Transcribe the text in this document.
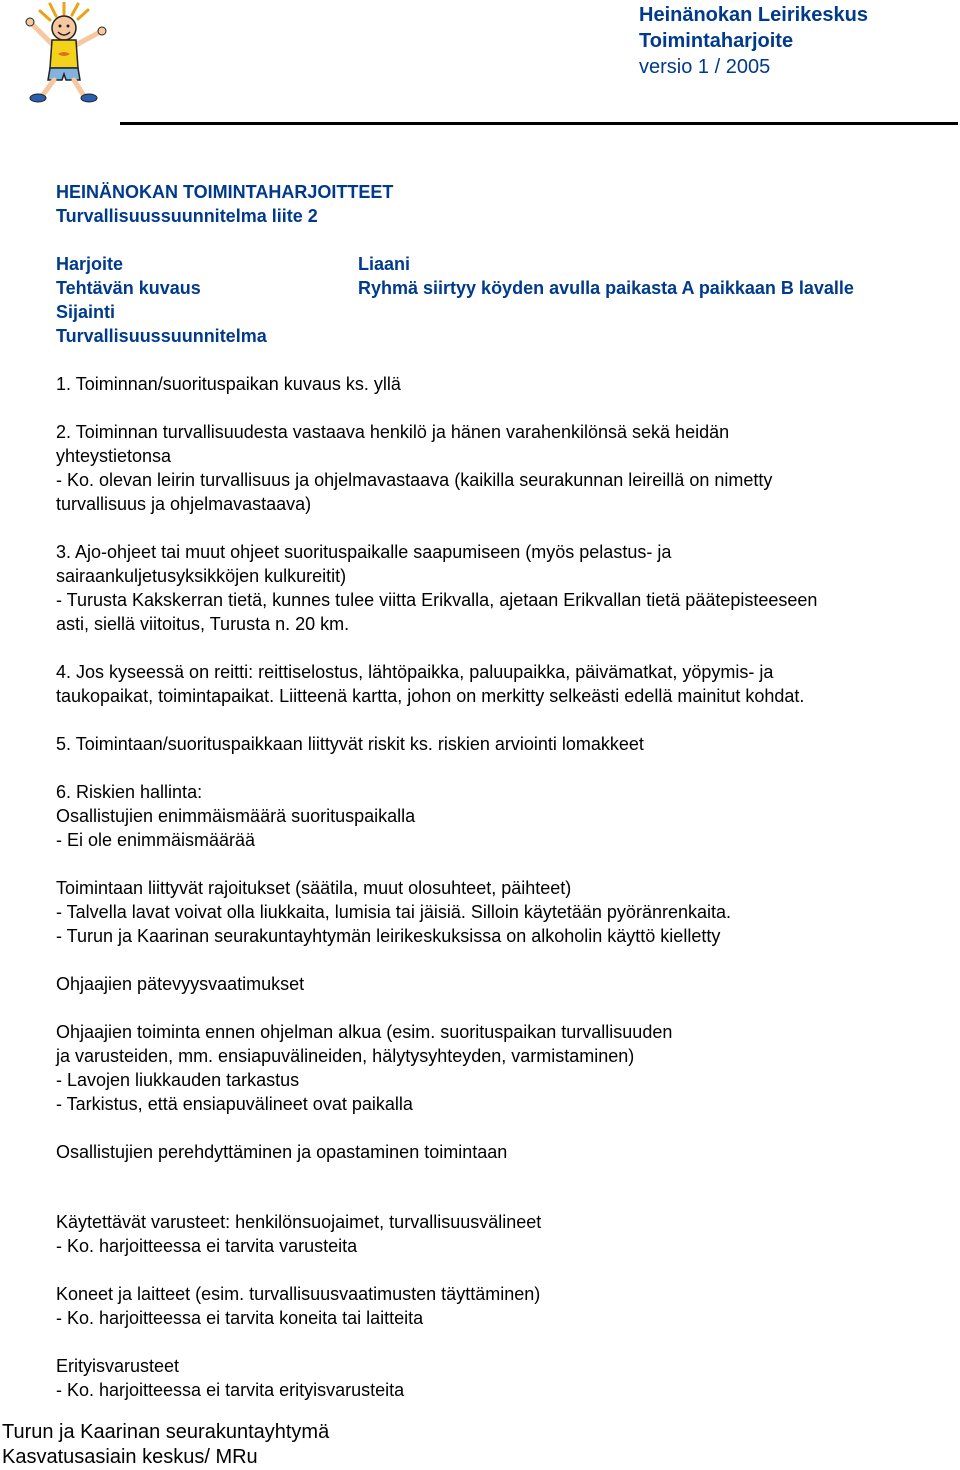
Heinänokan Leirikeskus
Toimintaharjoite
versio 1 / 2005

HEINÄNOKAN TOIMINTAHARJOITTEET

Turvallisuussuunnitelma liite 2

Harjoite	Liaani
Tehtävän kuvaus	Ryhmä siirtyy köyden avulla paikasta A paikkaan B lavalle
Sijainti
Turvallisuussuunnitelma

1. Toiminnan/suorituspaikan kuvaus ks. yllä

2. Toiminnan turvallisuudesta vastaava henkilö ja hänen varahenkilönsä sekä heidän

yhteystietonsa

- Ko. olevan leirin turvallisuus ja ohjelmavastaava (kaikilla seurakunnan leireillä on nimetty

turvallisuus ja ohjelmavastaava)

3. Ajo-ohjeet tai muut ohjeet suorituspaikalle saapumiseen (myös pelastus- ja

sairaankuljetusyksikköjen kulkureitit)

- Turusta Kakskerran tietä, kunnes tulee viitta Erikvalla, ajetaan Erikvallan tietä päätepisteeseen

asti, siellä viitoitus, Turusta n. 20 km.

4. Jos kyseessä on reitti: reittiselostus, lähtöpaikka, paluupaikka, päivämatkat, yöpymis- ja

taukopaikat, toimintapaikat. Liitteenä kartta, johon on merkitty selkeästi edellä mainitut kohdat.

5. Toimintaan/suorituspaikkaan liittyvät riskit ks. riskien arviointi lomakkeet

6. Riskien hallinta:

Osallistujien enimmäismäärä suorituspaikalla

- Ei ole enimmäismäärää

Toimintaan liittyvät rajoitukset (säätila, muut olosuhteet, päihteet)

- Talvella lavat voivat olla liukkaita, lumisia tai jäisiä. Silloin käytetään pyöränrenkaita.

- Turun ja Kaarinan seurakuntayhtymän leirikeskuksissa on alkoholin käyttö kielletty

Ohjaajien pätevyysvaatimukset

Ohjaajien toiminta ennen ohjelman alkua (esim. suorituspaikan turvallisuuden

ja varusteiden, mm. ensiapuvälineiden, hälytysyhteyden, varmistaminen)

- Lavojen liukkauden tarkastus

- Tarkistus, että ensiapuvälineet ovat paikalla

Osallistujien perehdyttäminen ja opastaminen toimintaan

Käytettävät varusteet: henkilönsuojaimet, turvallisuusvälineet

- Ko. harjoitteessa ei tarvita varusteita

Koneet ja laitteet (esim. turvallisuusvaatimusten täyttäminen)

- Ko. harjoitteessa ei tarvita koneita tai laitteita

Erityisvarusteet

- Ko. harjoitteessa ei tarvita erityisvarusteita

Turun ja Kaarinan seurakuntayhtymä
Kasvatusasiain keskus/ MRu
